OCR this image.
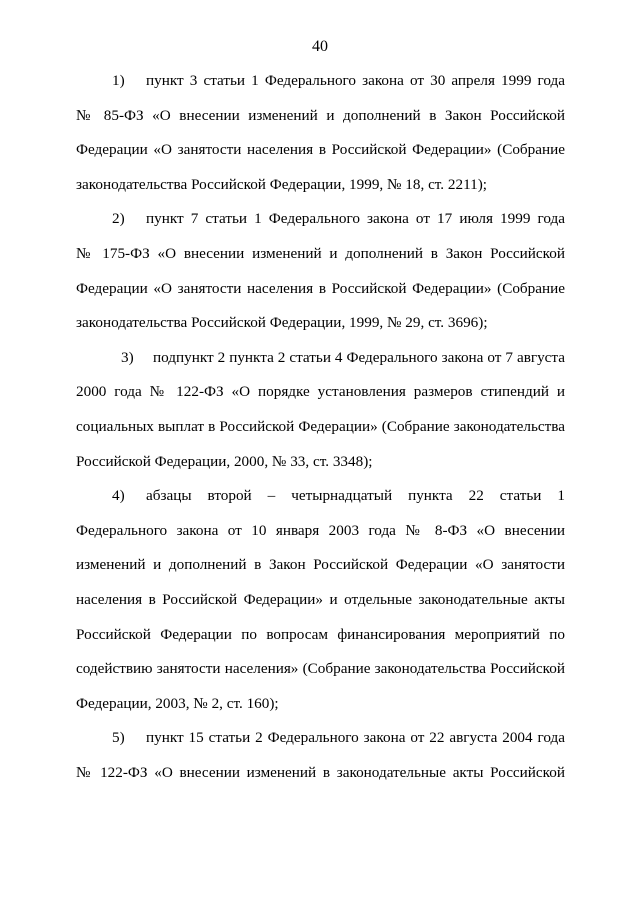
40
1) пункт 3 статьи 1 Федерального закона от 30 апреля 1999 года
№ 85-ФЗ «О внесении изменений и дополнений в Закон Российской
Федерации «О занятости населения в Российской Федерации» (Собрание
законодательства Российской Федерации, 1999, № 18, ст. 2211);
2) пункт 7 статьи 1 Федерального закона от 17 июля 1999 года
№ 175-ФЗ «О внесении изменений и дополнений в Закон Российской
Федерации «О занятости населения в Российской Федерации» (Собрание
законодательства Российской Федерации, 1999, № 29, ст. 3696);
3) подпункт 2 пункта 2 статьи 4 Федерального закона от 7 августа
2000 года № 122-ФЗ «О порядке установления размеров стипендий и
социальных выплат в Российской Федерации» (Собрание законодательства
Российской Федерации, 2000, № 33, ст. 3348);
4) абзацы второй – четырнадцатый пункта 22 статьи 1
Федерального закона от 10 января 2003 года № 8-ФЗ «О внесении
изменений и дополнений в Закон Российской Федерации «О занятости
населения в Российской Федерации» и отдельные законодательные акты
Российской Федерации по вопросам финансирования мероприятий по
содействию занятости населения» (Собрание законодательства Российской
Федерации, 2003, № 2, ст. 160);
5) пункт 15 статьи 2 Федерального закона от 22 августа 2004 года
№ 122-ФЗ «О внесении изменений в законодательные акты Российской
